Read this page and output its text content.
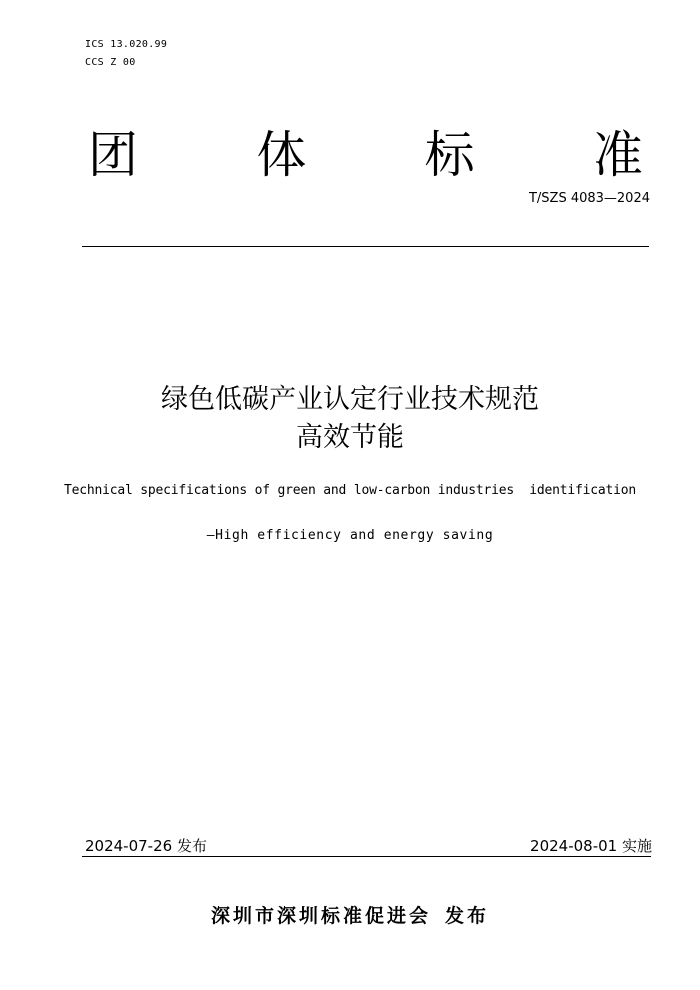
ICS 13.020.99
CCS Z 00
团 体 标 准
T/SZS 4083—2024
绿色低碳产业认定行业技术规范
高效节能
Technical specifications of green and low-carbon industries  identification
—High efficiency and energy saving
2024-07-26 发布	2024-08-01 实施
深圳市深圳标准促进会 发布
